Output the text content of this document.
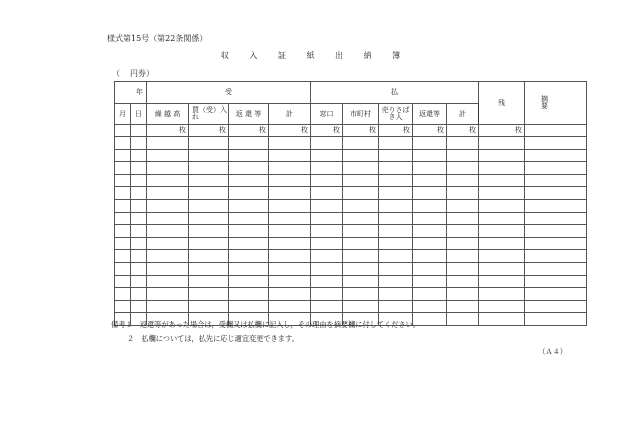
様式第15号（第22条関係）
収 入 証 紙 出 納 簿
（ 円券）
年		受				払					残	摘要

月	日	繰 越 高	買（受）入れ	返 還 等	計	窓口	市町村	売りさばき人	返還等	計		
		枚	枚	枚	枚	枚	枚	枚	枚	枚	枚	

備考１　返還等があった場合は，受欄又は払欄に記入し，その理由を摘要欄に付してください。
２　払欄については，払先に応じ適宜変更できます。
（Ａ４）
